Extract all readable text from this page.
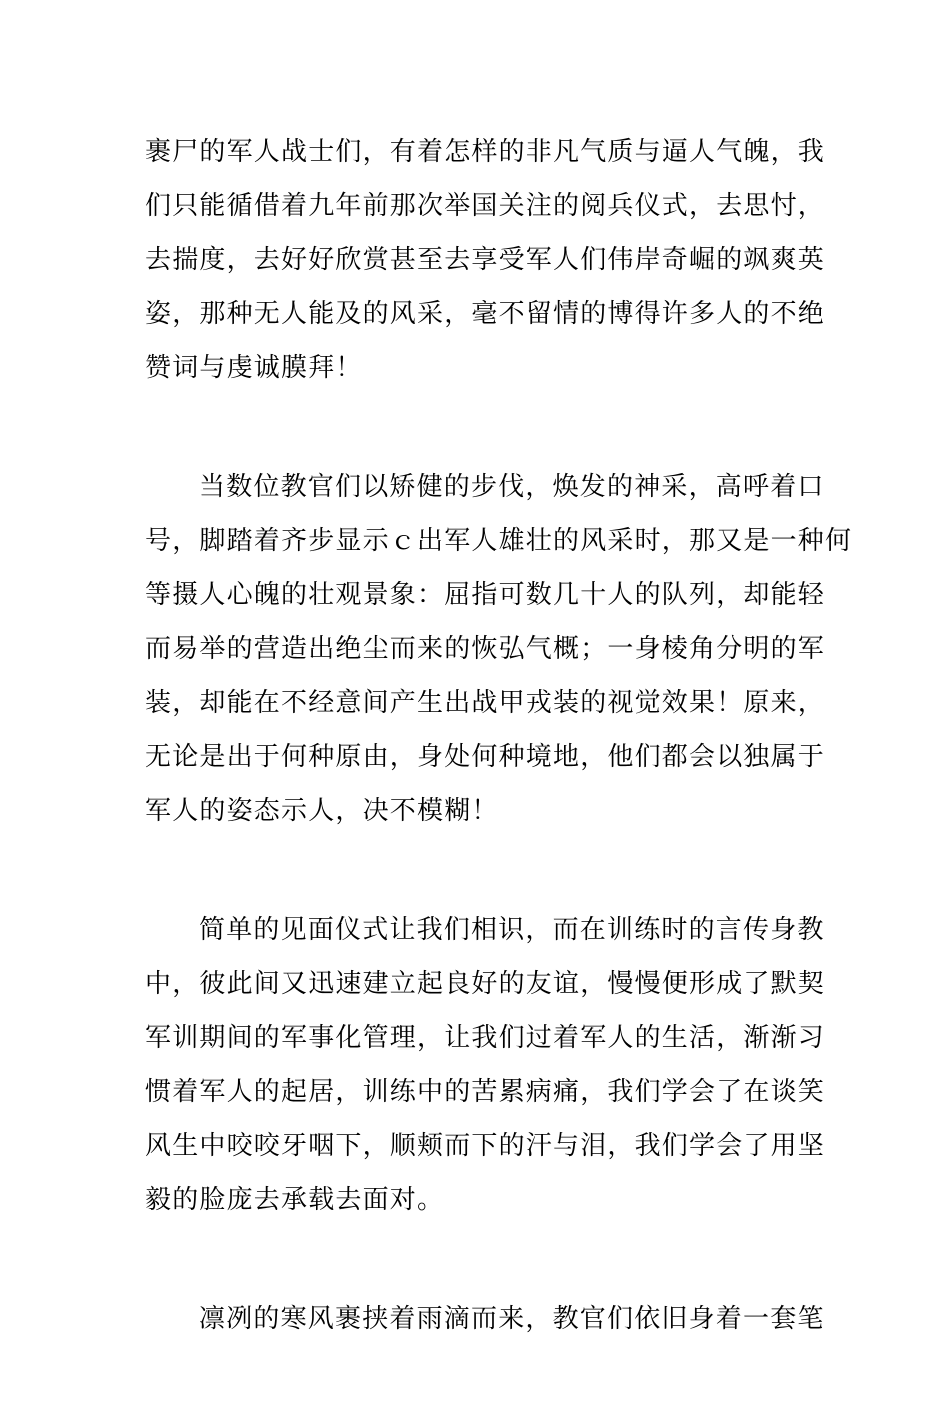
裹尸的军人战士们，有着怎样的非凡气质与逼人气魄，我
们只能循借着九年前那次举国关注的阅兵仪式，去思忖，
去揣度，去好好欣赏甚至去享受军人们伟岸奇崛的飒爽英
姿，那种无人能及的风采，毫不留情的博得许多人的不绝
赞词与虔诚膜拜！
当数位教官们以矫健的步伐，焕发的神采，高呼着口
号，脚踏着齐步显示ｃ出军人雄壮的风采时，那又是一种何
等摄人心魄的壮观景象：屈指可数几十人的队列，却能轻
而易举的营造出绝尘而来的恢弘气概；一身棱角分明的军
装，却能在不经意间产生出战甲戎装的视觉效果！原来，
无论是出于何种原由，身处何种境地，他们都会以独属于
军人的姿态示人，决不模糊！
简单的见面仪式让我们相识，而在训练时的言传身教
中，彼此间又迅速建立起良好的友谊，慢慢便形成了默契
军训期间的军事化管理，让我们过着军人的生活，渐渐习
惯着军人的起居，训练中的苦累病痛，我们学会了在谈笑
风生中咬咬牙咽下，顺颊而下的汗与泪，我们学会了用坚
毅的脸庞去承载去面对。
凛冽的寒风裹挟着雨滴而来，教官们依旧身着一套笔
